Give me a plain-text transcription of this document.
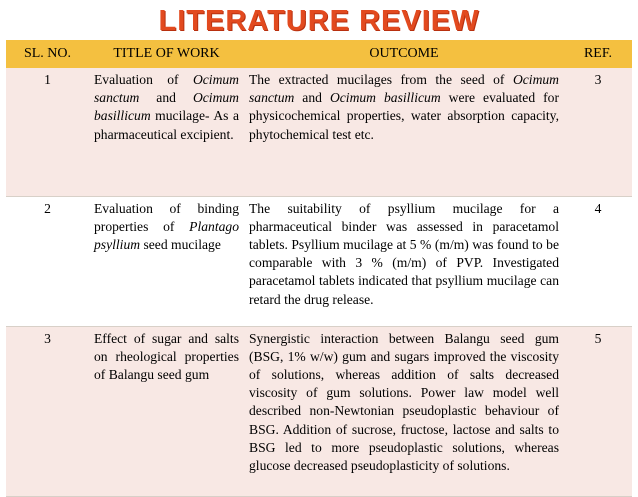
LITERATURE REVIEW
SL. NO.	TITLE OF WORK	OUTCOME	REF.
1	Evaluation of Ocimum sanctum and Ocimum basillicum mucilage- As a pharmaceutical excipient.	The extracted mucilages from the seed of Ocimum sanctum and Ocimum basillicum were evaluated for physicochemical properties, water absorption capacity, phytochemical test etc.	3
2	Evaluation of binding properties of Plantago psyllium seed mucilage	The suitability of psyllium mucilage for a pharmaceutical binder was assessed in paracetamol tablets. Psyllium mucilage at 5 % (m/m) was found to be comparable with 3 % (m/m) of PVP. Investigated paracetamol tablets indicated that psyllium mucilage can retard the drug release.	4
3	Effect of sugar and salts on rheological properties of Balangu seed gum	Synergistic interaction between Balangu seed gum (BSG, 1% w/w) gum and sugars improved the viscosity of solutions, whereas addition of salts decreased viscosity of gum solutions. Power law model well described non-Newtonian pseudoplastic behaviour of BSG. Addition of sucrose, fructose, lactose and salts to BSG led to more pseudoplastic solutions, whereas glucose decreased pseudoplasticity of solutions.	5
